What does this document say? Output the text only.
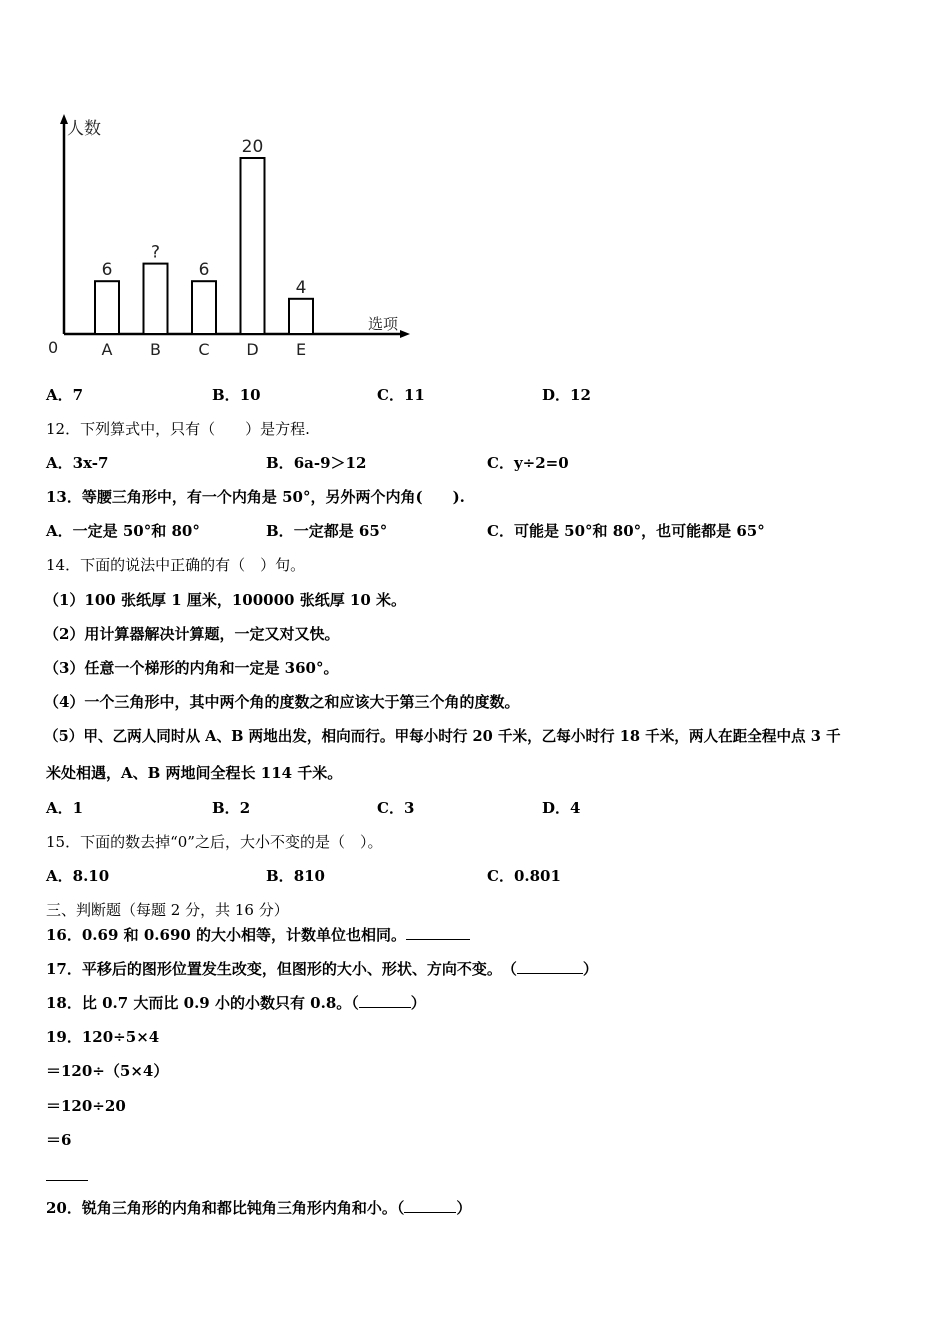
人数
选项
0
6
A
?
B
6
C
20
D
4
E
A．7	B．10	C．11	D．12
12．下列算式中，只有（　　）是方程.
A．3x-7	B．6a-9＞12	C．y÷2=0
13．等腰三角形中，有一个内角是 50°，另外两个内角(　　).
A．一定是 50°和 80°	B．一定都是 65°	C．可能是 50°和 80°，也可能都是 65°
14．下面的说法中正确的有（　）句。
（1）100 张纸厚 1 厘米，100000 张纸厚 10 米。
（2）用计算器解决计算题，一定又对又快。
（3）任意一个梯形的内角和一定是 360°。
（4）一个三角形中，其中两个角的度数之和应该大于第三个角的度数。
（5）甲、乙两人同时从 A、B 两地出发，相向而行。甲每小时行 20 千米，乙每小时行 18 千米，两人在距全程中点 3 千
米处相遇，A、B 两地间全程长 114 千米。
A．1	B．2	C．3	D．4
15．下面的数去掉“0”之后，大小不变的是（　）。
A．8.10	B．810	C．0.801
三、判断题（每题 2 分，共 16 分）
16．0.69 和 0.690 的大小相等，计数单位也相同。
17．平移后的图形位置发生改变，但图形的大小、形状、方向不变。　（	）
18．比 0.7 大而比 0.9 小的小数只有 0.8。（	）
19．120÷5×4
＝120÷（5×4）
＝120÷20
＝6
20．锐角三角形的内角和都比钝角三角形内角和小。（	）
